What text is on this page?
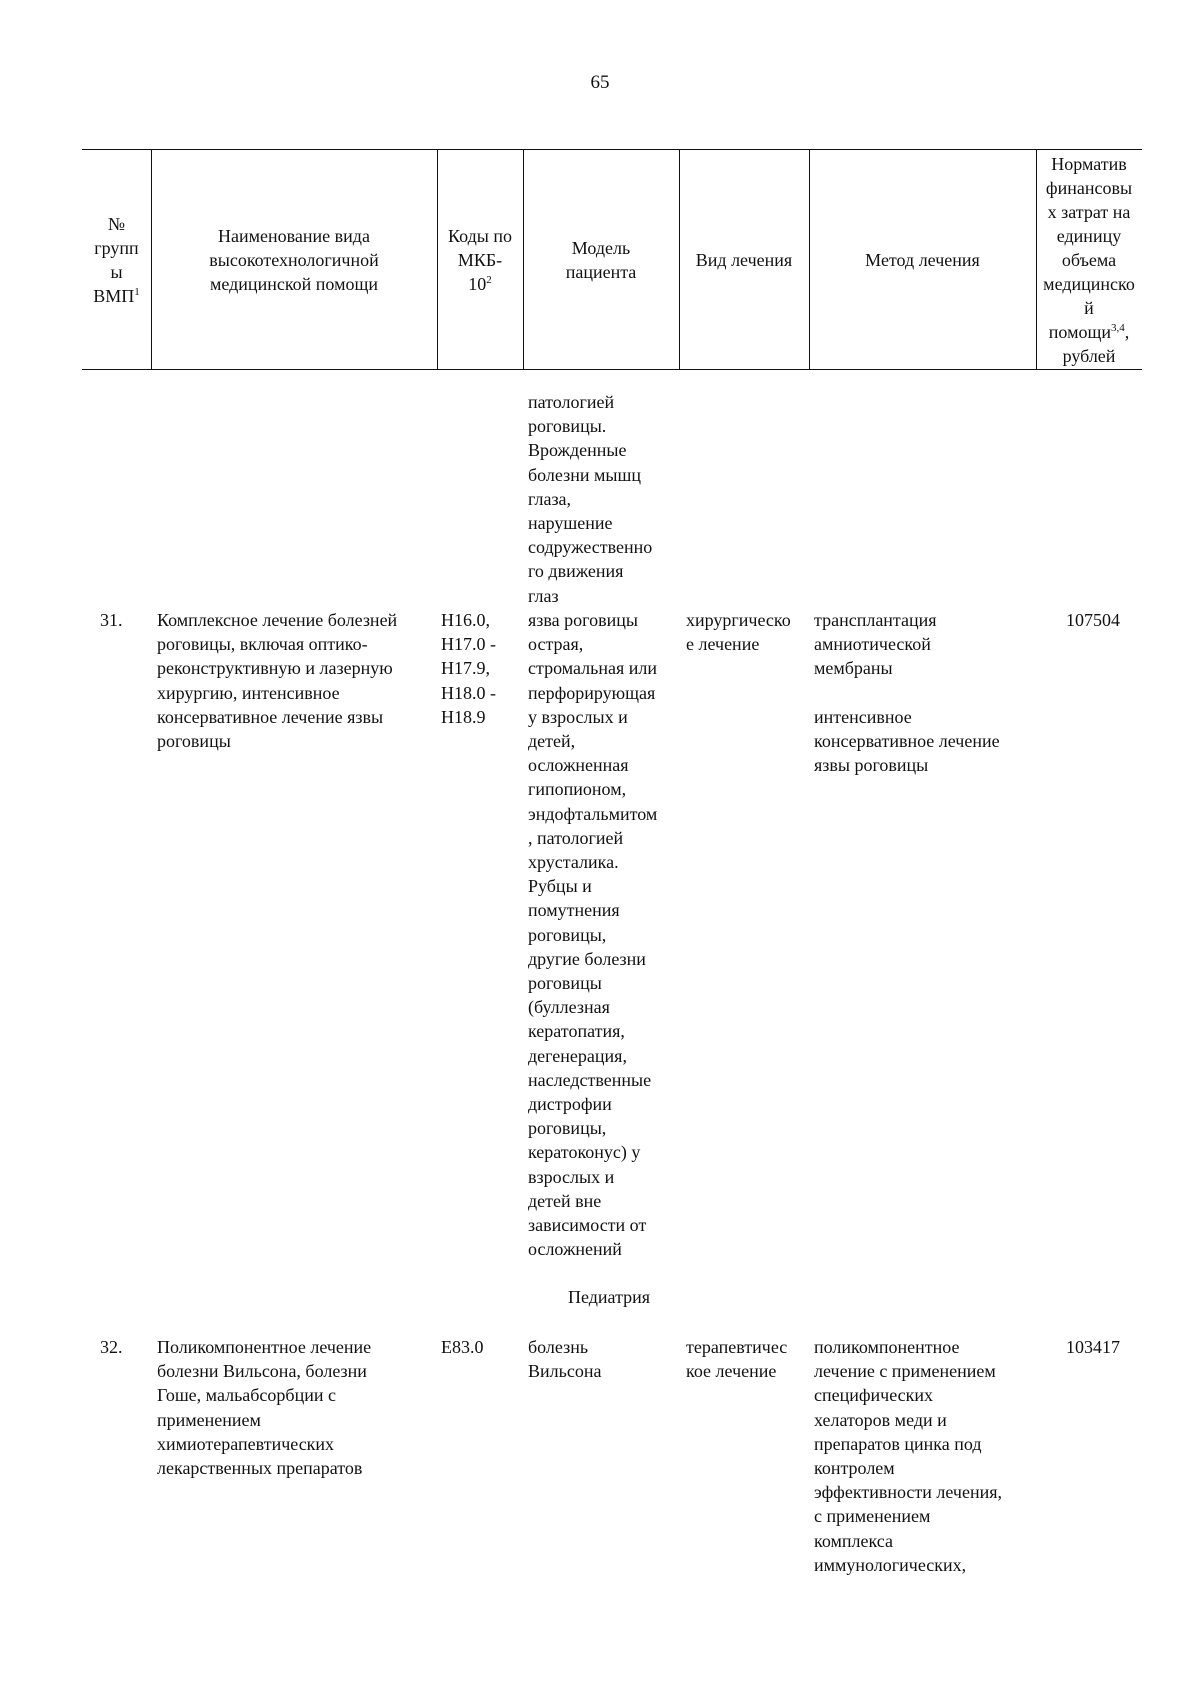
65
№
групп
ы
ВМП$^1$
Наименование вида
высокотехнологичной
медицинской помощи
Коды по
МКБ-
$10^2$
Модель
пациента
Вид лечения	Метод лечения
Норматив
финансовы
х затрат на
единицу
объема
медицинско
й
помощи$^{3,4}$,
рублей
патологией
роговицы.
Врожденные
болезни мышц
глаза,
нарушение
содружественно
го движения
глаз
31. Комплексное лечение болезней
роговицы, включая оптико-
реконструктивную и лазерную
хирургию, интенсивное
консервативное лечение язвы
роговицы
H16.0,
H17.0 -
H17.9,
H18.0 -
H18.9
язва роговицы
острая,
стромальная или
перфорирующая
у взрослых и
детей,
осложненная
гипопионом,
эндофтальмитом
, патологией
хрусталика.
Рубцы и
помутнения
роговицы,
другие болезни
роговицы
(буллезная
кератопатия,
дегенерация,
наследственные
дистрофии
роговицы,
кератоконус) у
взрослых и
детей вне
зависимости от
осложнений
хирургическо
е лечение
трансплантация
амниотической
мембраны

интенсивное
консервативное лечение
язвы роговицы
107504
Педиатрия
32. Поликомпонентное лечение
болезни Вильсона, болезни
Гоше, мальабсорбции с
применением
химиотерапевтических
лекарственных препаратов
E83.0	болезнь
Вильсона
терапевтичес
кое лечение
поликомпонентное
лечение с применением
специфических
хелаторов меди и
препаратов цинка под
контролем
эффективности лечения,
с применением
комплекса
иммунологических,
103417
